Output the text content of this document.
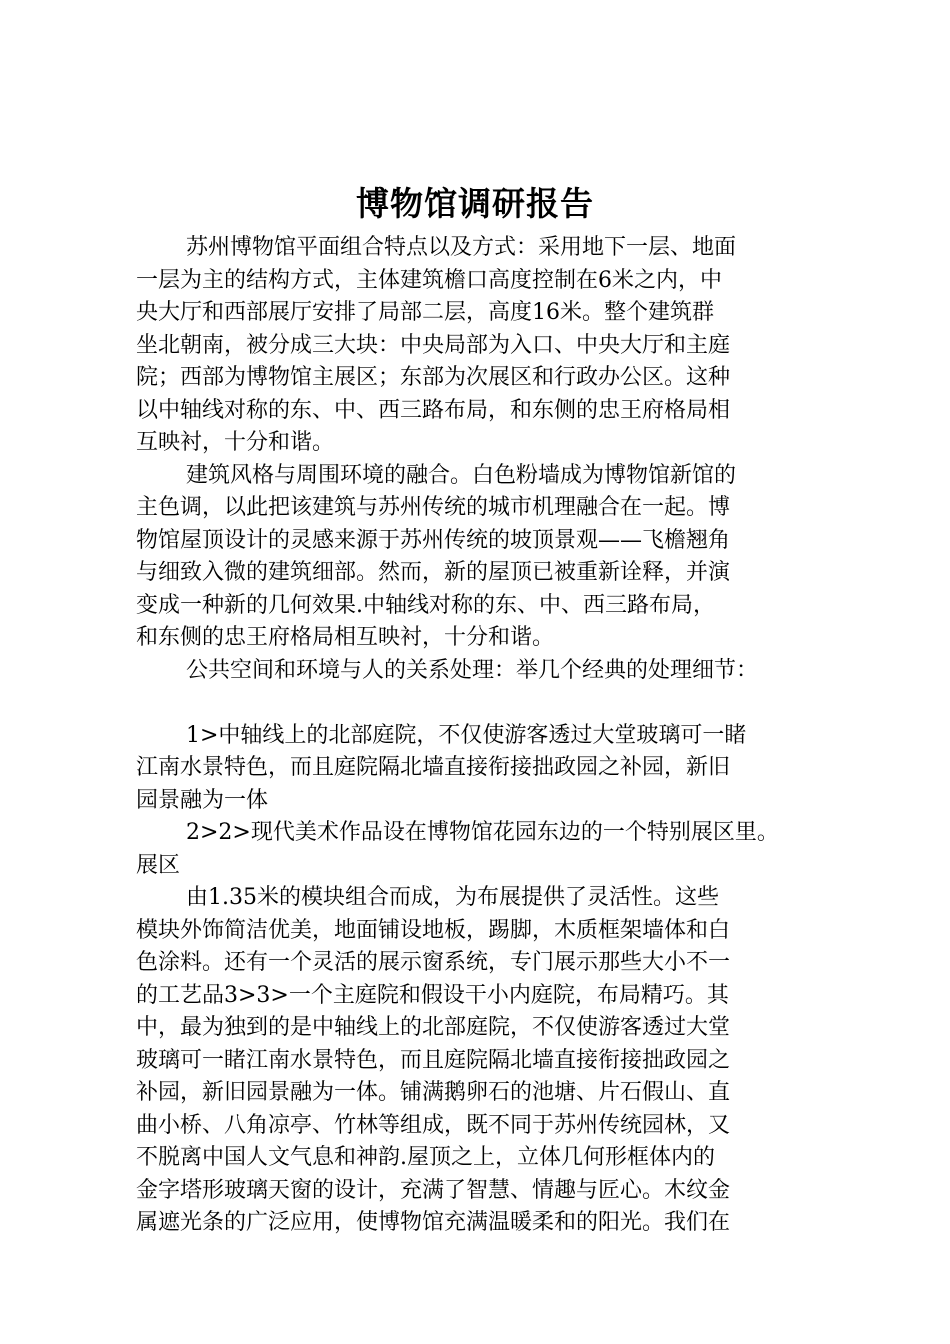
博物馆调研报告
苏州博物馆平面组合特点以及方式：采用地下一层、地面
一层为主的结构方式，主体建筑檐口高度控制在6米之内，中
央大厅和西部展厅安排了局部二层，高度16米。整个建筑群
坐北朝南，被分成三大块：中央局部为入口、中央大厅和主庭
院；西部为博物馆主展区；东部为次展区和行政办公区。这种
以中轴线对称的东、中、西三路布局，和东侧的忠王府格局相
互映衬，十分和谐。
建筑风格与周围环境的融合。白色粉墙成为博物馆新馆的
主色调，以此把该建筑与苏州传统的城市机理融合在一起。博
物馆屋顶设计的灵感来源于苏州传统的坡顶景观——飞檐翘角
与细致入微的建筑细部。然而，新的屋顶已被重新诠释，并演
变成一种新的几何效果.中轴线对称的东、中、西三路布局，
和东侧的忠王府格局相互映衬，十分和谐。
公共空间和环境与人的关系处理：举几个经典的处理细节：
1>中轴线上的北部庭院，不仅使游客透过大堂玻璃可一睹
江南水景特色，而且庭院隔北墙直接衔接拙政园之补园，新旧
园景融为一体
2>2>现代美术作品设在博物馆花园东边的一个特别展区里。
展区
由1.35米的模块组合而成，为布展提供了灵活性。这些
模块外饰简洁优美，地面铺设地板，踢脚，木质框架墙体和白
色涂料。还有一个灵活的展示窗系统，专门展示那些大小不一
的工艺品3>3>一个主庭院和假设干小内庭院，布局精巧。其
中，最为独到的是中轴线上的北部庭院，不仅使游客透过大堂
玻璃可一睹江南水景特色，而且庭院隔北墙直接衔接拙政园之
补园，新旧园景融为一体。铺满鹅卵石的池塘、片石假山、直
曲小桥、八角凉亭、竹林等组成，既不同于苏州传统园林，又
不脱离中国人文气息和神韵.屋顶之上，立体几何形框体内的
金字塔形玻璃天窗的设计，充满了智慧、情趣与匠心。木纹金
属遮光条的广泛应用，使博物馆充满温暖柔和的阳光。我们在
